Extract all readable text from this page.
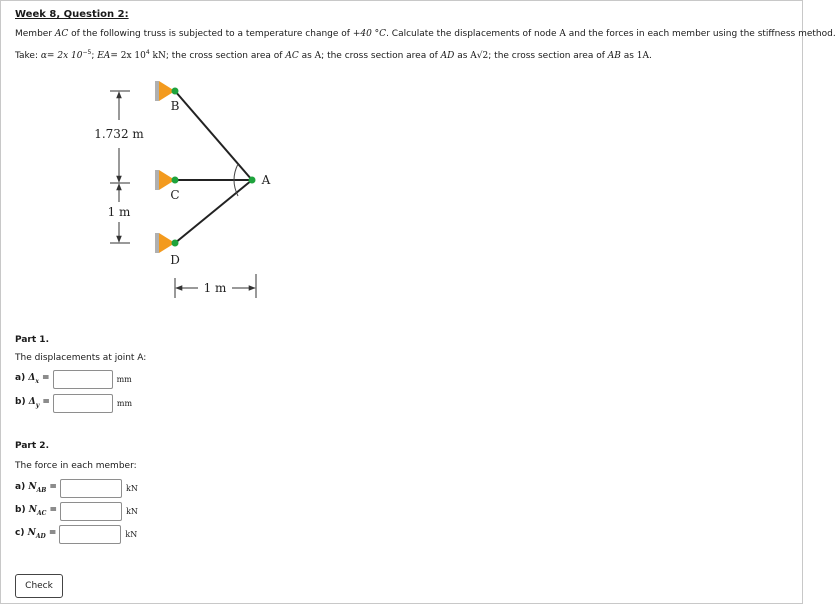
Week 8, Question 2:
Member AC of the following truss is subjected to a temperature change of +40 °C. Calculate the displacements of node A and the forces in each member using the stiffness method.
Take: α= 2x $10^{-5}$; EA= 2x $10^4$ kN; the cross section area of AC as A; the cross section area of AD as A√2; the cross section area of AB as 1A.
1.732 m
1 m
B
C
D
A
1 m
Part 1.
The displacements at joint A:
a) $\Delta_x$ =	mm
b) $\Delta_y$ =	mm
Part 2.
The force in each member:
a) $N_{AB}$ =	kN
b) $N_{AC}$ =	kN
c) $N_{AD}$ =	kN
Check
